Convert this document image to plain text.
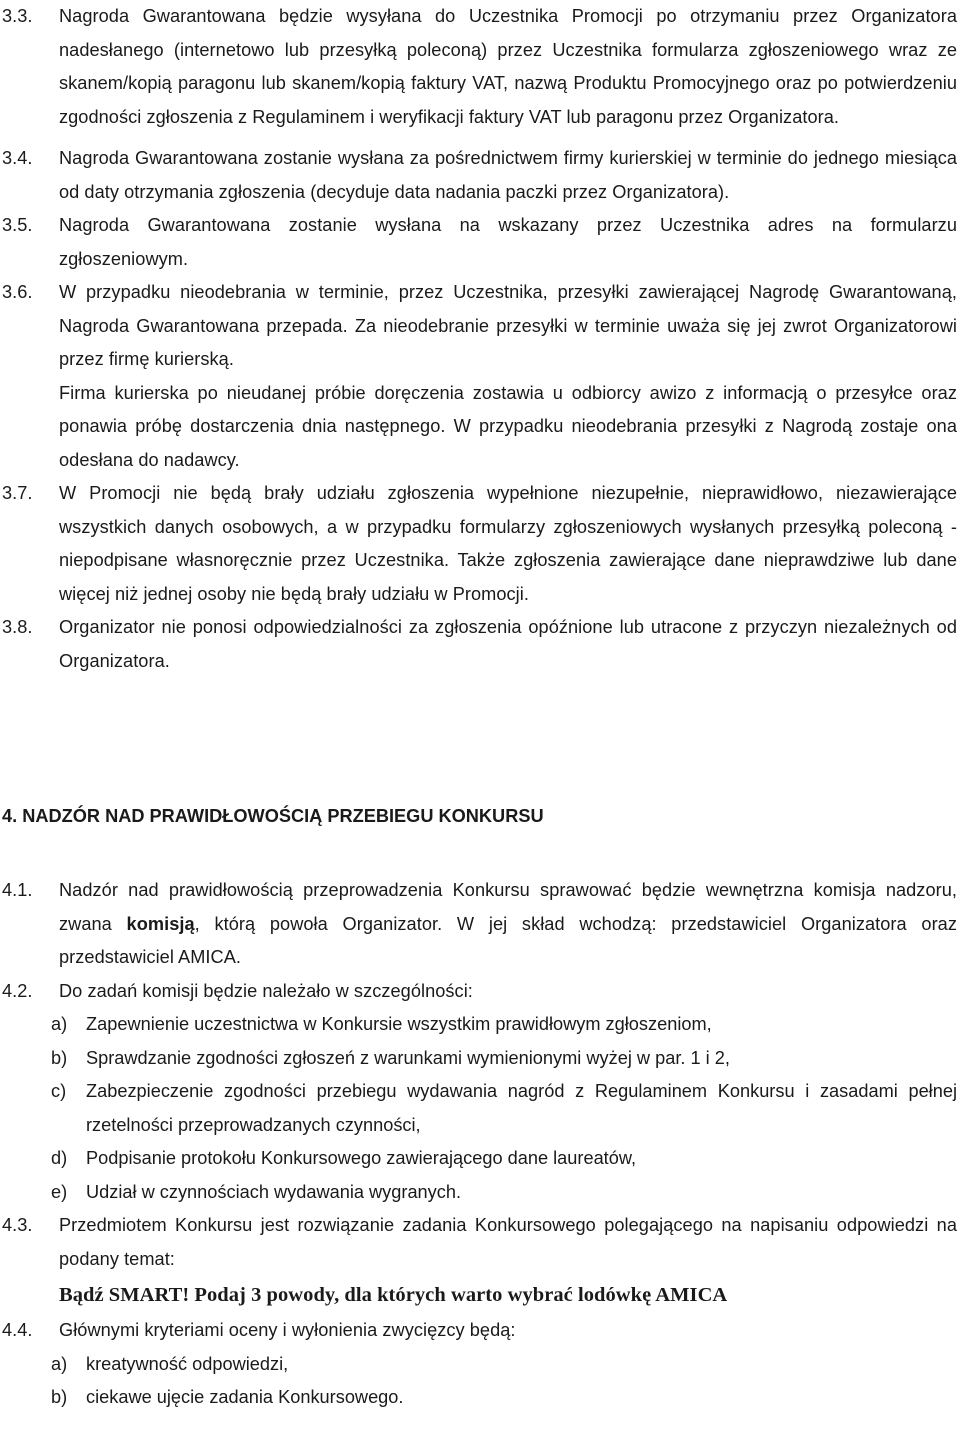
3.3. Nagroda Gwarantowana będzie wysyłana do Uczestnika Promocji po otrzymaniu przez Organizatora nadesłanego (internetowo lub przesyłką poleconą) przez Uczestnika formularza zgłoszeniowego wraz ze skanem/kopią paragonu lub skanem/kopią faktury VAT, nazwą Produktu Promocyjnego oraz po potwierdzeniu zgodności zgłoszenia z Regulaminem i weryfikacji faktury VAT lub paragonu przez Organizatora.

3.4. Nagroda Gwarantowana zostanie wysłana za pośrednictwem firmy kurierskiej w terminie do jednego miesiąca od daty otrzymania zgłoszenia (decyduje data nadania paczki przez Organizatora).

3.5. Nagroda Gwarantowana zostanie wysłana na wskazany przez Uczestnika adres na formularzu zgłoszeniowym.

3.6. W przypadku nieodebrania w terminie, przez Uczestnika, przesyłki zawierającej Nagrodę Gwarantowaną, Nagroda Gwarantowana przepada. Za nieodebranie przesyłki w terminie uważa się jej zwrot Organizatorowi przez firmę kurierską.

Firma kurierska po nieudanej próbie doręczenia zostawia u odbiorcy awizo z informacją o przesyłce oraz ponawia próbę dostarczenia dnia następnego. W przypadku nieodebrania przesyłki z Nagrodą zostaje ona odesłana do nadawcy.

3.7. W Promocji nie będą brały udziału zgłoszenia wypełnione niezupełnie, nieprawidłowo, niezawierające wszystkich danych osobowych, a w przypadku formularzy zgłoszeniowych wysłanych przesyłką poleconą - niepodpisane własnoręcznie przez Uczestnika. Także zgłoszenia zawierające dane nieprawdziwe lub dane więcej niż jednej osoby nie będą brały udziału w Promocji.

3.8. Organizator nie ponosi odpowiedzialności za zgłoszenia opóźnione lub utracone z przyczyn niezależnych od Organizatora.

4. NADZÓR NAD PRAWIDŁOWOŚCIĄ PRZEBIEGU KONKURSU
4.1. Nadzór nad prawidłowością przeprowadzenia Konkursu sprawować będzie wewnętrzna komisja nadzoru, zwana komisją, którą powoła Organizator. W jej skład wchodzą: przedstawiciel Organizatora oraz przedstawiciel AMICA.

4.2. Do zadań komisji będzie należało w szczególności:

a) Zapewnienie uczestnictwa w Konkursie wszystkim prawidłowym zgłoszeniom,
b) Sprawdzanie zgodności zgłoszeń z warunkami wymienionymi wyżej w par. 1 i 2,
c) Zabezpieczenie zgodności przebiegu wydawania nagród z Regulaminem Konkursu i zasadami pełnej rzetelności przeprowadzanych czynności,
d) Podpisanie protokołu Konkursowego zawierającego dane laureatów,
e) Udział w czynnościach wydawania wygranych.
4.3. Przedmiotem Konkursu jest rozwiązanie zadania Konkursowego polegającego na napisaniu odpowiedzi na podany temat:

Bądź SMART! Podaj 3 powody, dla których warto wybrać lodówkę AMICA

4.4. Głównymi kryteriami oceny i wyłonienia zwycięzcy będą:

a) kreatywność odpowiedzi,
b) ciekawe ujęcie zadania Konkursowego.
